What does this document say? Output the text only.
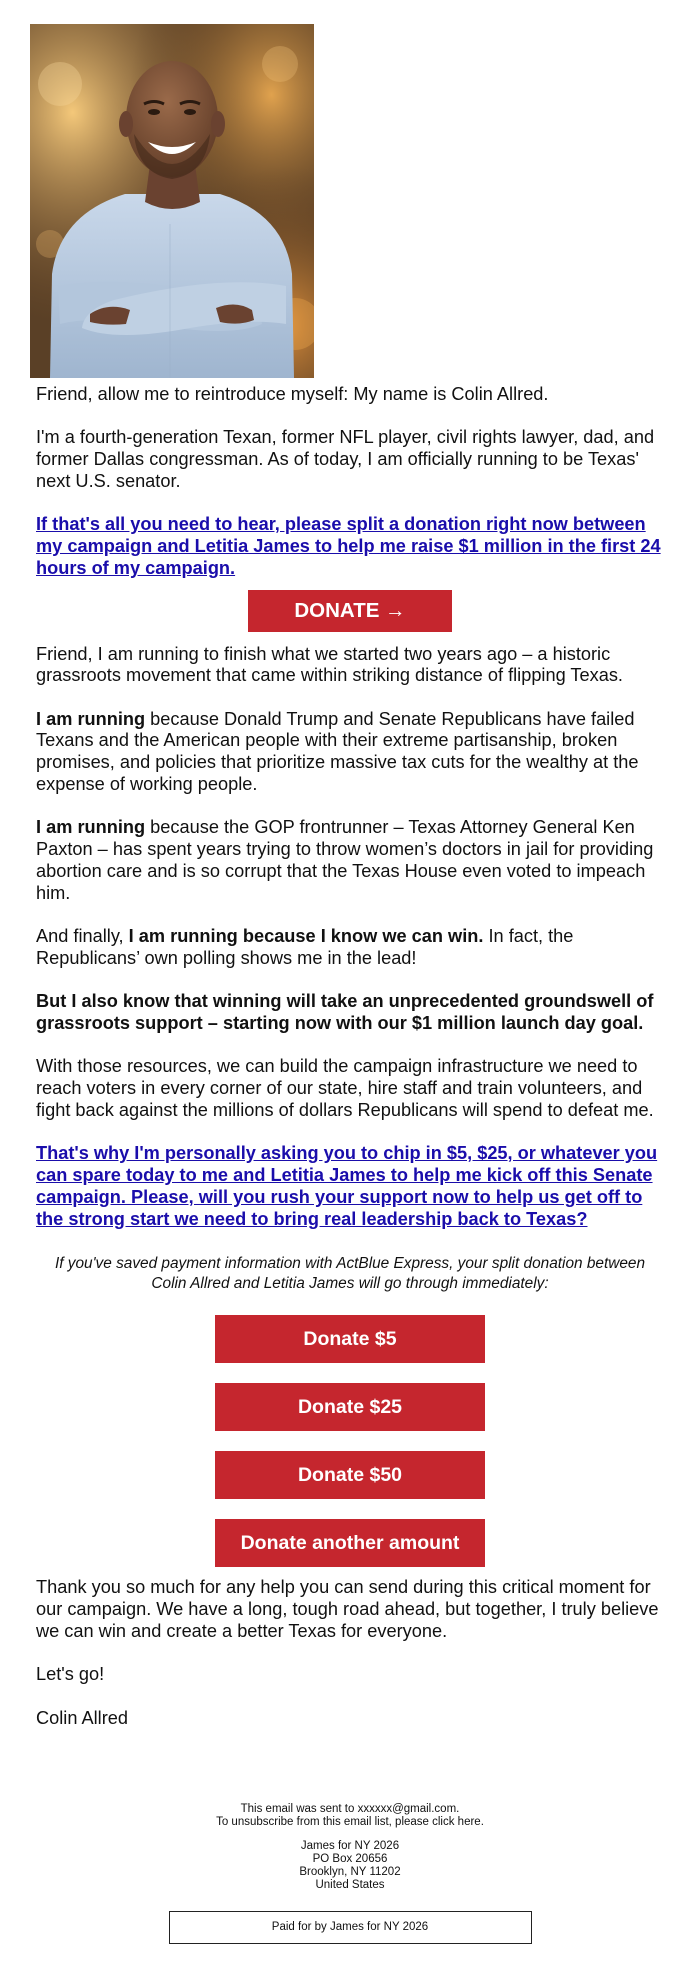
Friend, allow me to reintroduce myself: My name is Colin Allred.

I'm a fourth-generation Texan, former NFL player, civil rights lawyer, dad, and former Dallas congressman. As of today, I am officially running to be Texas' next U.S. senator.

If that's all you need to hear, please split a donation right now between my campaign and Letitia James to help me raise $1 million in the first 24 hours of my campaign.

DONATE →

Friend, I am running to finish what we started two years ago – a historic grassroots movement that came within striking distance of flipping Texas.

I am running because Donald Trump and Senate Republicans have failed Texans and the American people with their extreme partisanship, broken promises, and policies that prioritize massive tax cuts for the wealthy at the expense of working people.

I am running because the GOP frontrunner – Texas Attorney General Ken Paxton – has spent years trying to throw women’s doctors in jail for providing abortion care and is so corrupt that the Texas House even voted to impeach him.

And finally, I am running because I know we can win. In fact, the Republicans’ own polling shows me in the lead!

But I also know that winning will take an unprecedented groundswell of grassroots support – starting now with our $1 million launch day goal.

With those resources, we can build the campaign infrastructure we need to reach voters in every corner of our state, hire staff and train volunteers, and fight back against the millions of dollars Republicans will spend to defeat me.

That's why I'm personally asking you to chip in $5, $25, or whatever you can spare today to me and Letitia James to help me kick off this Senate campaign. Please, will you rush your support now to help us get off to the strong start we need to bring real leadership back to Texas?

If you've saved payment information with ActBlue Express, your split donation between Colin Allred and Letitia James will go through immediately:
Donate $5
Donate $25
Donate $50
Donate another amount

Thank you so much for any help you can send during this critical moment for our campaign. We have a long, tough road ahead, but together, I truly believe we can win and create a better Texas for everyone.

Let's go!

Colin Allred

This email was sent to xxxxxx@gmail.com.
To unsubscribe from this email list, please click here.
James for NY 2026
PO Box 20656
Brooklyn, NY 11202
United States
Paid for by James for NY 2026
